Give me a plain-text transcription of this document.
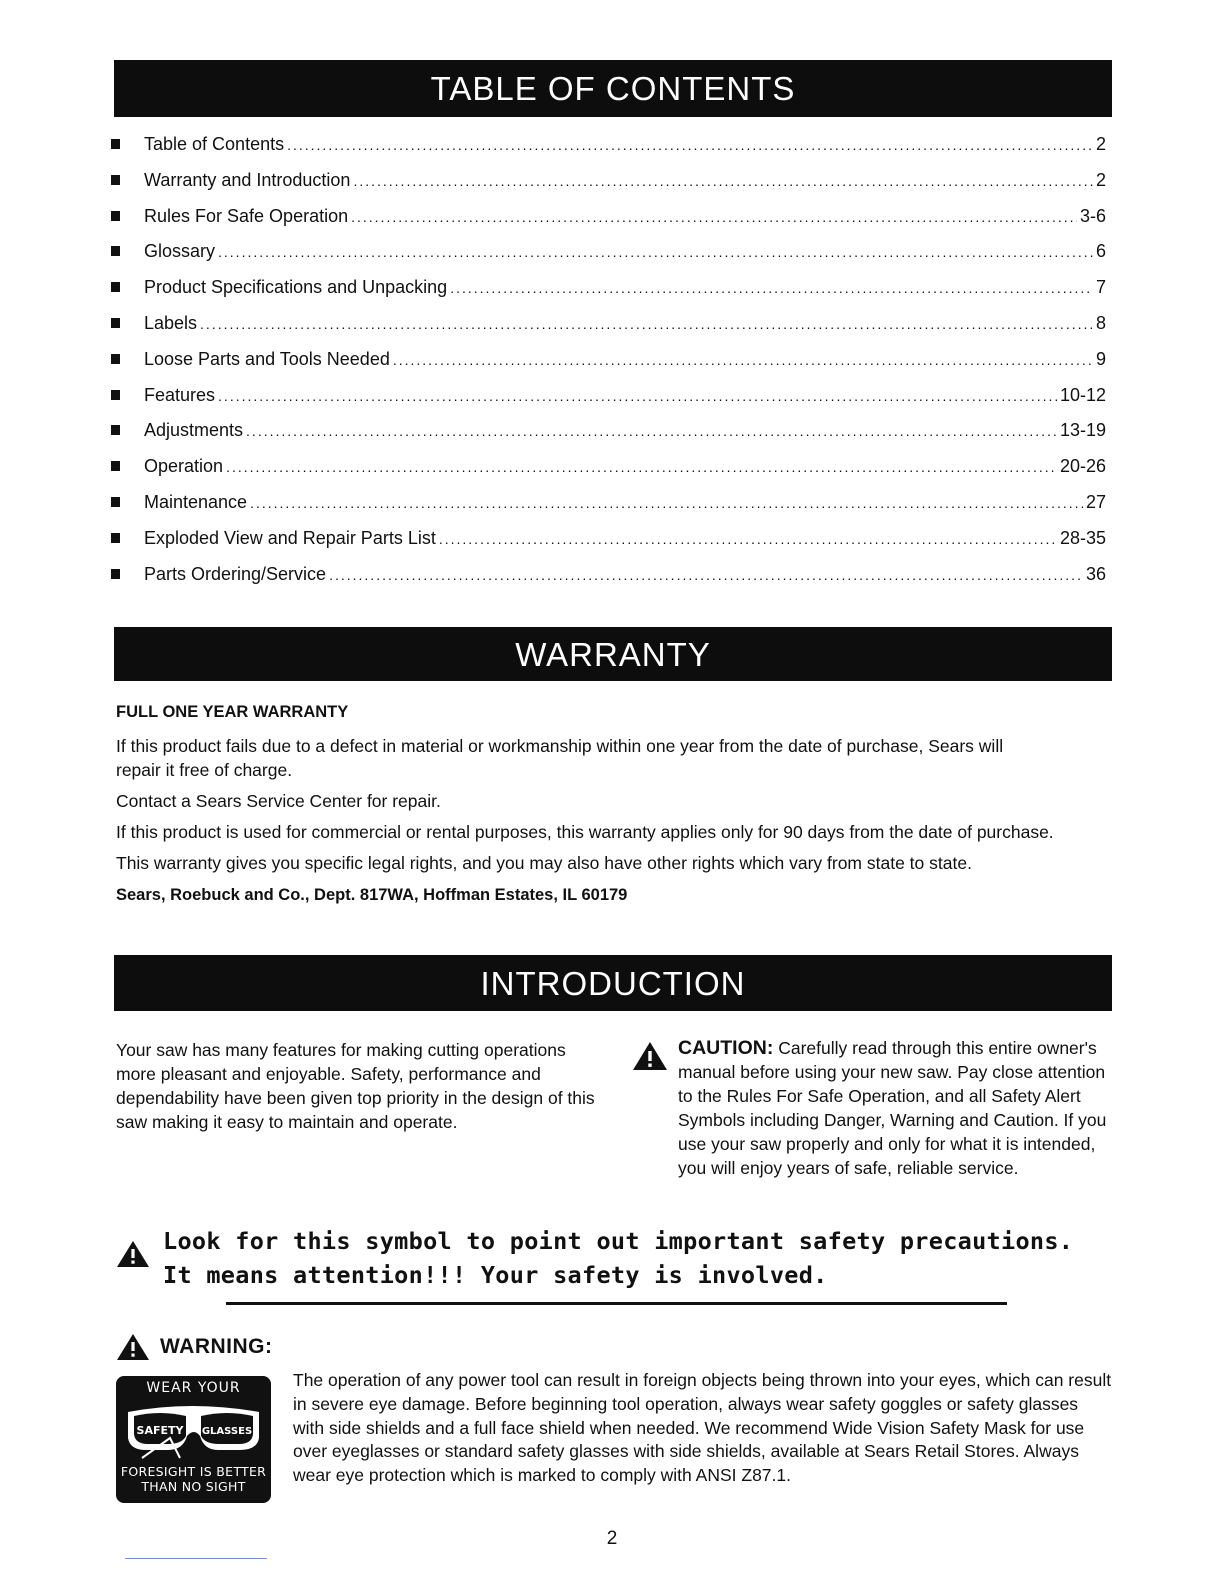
TABLE OF CONTENTS
Table of Contents .....	2
Warranty and Introduction .....	2
Rules For Safe Operation .....	3-6
Glossary .....	6
Product Specifications and Unpacking .....	7
Labels .....	8
Loose Parts and Tools Needed .....	9
Features .....	10-12
Adjustments .....	13-19
Operation .....	20-26
Maintenance .....	27
Exploded View and Repair Parts List .....	28-35
Parts Ordering/Service .....	36
WARRANTY

FULL ONE YEAR WARRANTY

If this product fails due to a defect in material or workmanship within one year from the date of purchase, Sears will repair it free of charge.

Contact a Sears Service Center for repair.

If this product is used for commercial or rental purposes, this warranty applies only for 90 days from the date of purchase.

This warranty gives you specific legal rights, and you may also have other rights which vary from state to state.

Sears, Roebuck and Co., Dept. 817WA, Hoffman Estates, IL 60179

INTRODUCTION

Your saw has many features for making cutting operations more pleasant and enjoyable. Safety, performance and dependability have been given top priority in the design of this saw making it easy to maintain and operate.

CAUTION: Carefully read through this entire owner's manual before using your new saw. Pay close attention to the Rules For Safe Operation, and all Safety Alert Symbols including Danger, Warning and Caution. If you use your saw properly and only for what it is intended, you will enjoy years of safe, reliable service.

Look for this symbol to point out important safety precautions. It means attention!!! Your safety is involved.

WARNING:
WEAR YOUR
SAFETY GLASSES
FORESIGHT IS BETTER
THAN NO SIGHT

The operation of any power tool can result in foreign objects being thrown into your eyes, which can result in severe eye damage. Before beginning tool operation, always wear safety goggles or safety glasses with side shields and a full face shield when needed. We recommend Wide Vision Safety Mask for use over eyeglasses or standard safety glasses with side shields, available at Sears Retail Stores. Always wear eye protection which is marked to comply with ANSI Z87.1.

2
